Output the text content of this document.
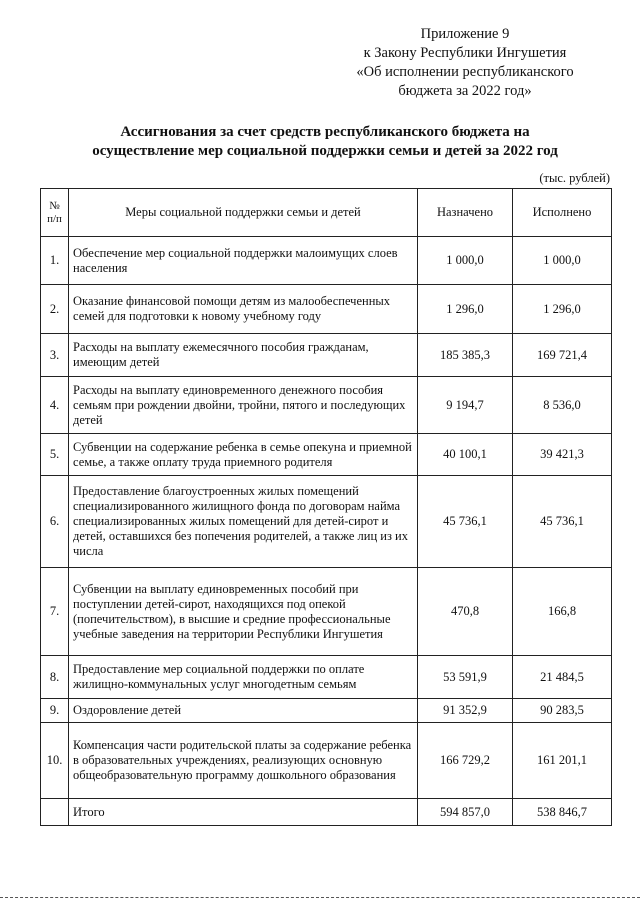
Приложение 9
к Закону Республики Ингушетия
«Об исполнении республиканского
бюджета за 2022 год»
Ассигнования за счет средств республиканского бюджета на
осуществление мер социальной поддержки семьи и детей за 2022 год
(тыс. рублей)
№
п/п	Меры социальной поддержки семьи и детей	Назначено	Исполнено
1.	Обеспечение мер социальной поддержки малоимущих слоев населения	1 000,0	1 000,0
2.	Оказание финансовой помощи детям из малообеспеченных семей для подготовки к новому учебному году	1 296,0	1 296,0
3.	Расходы на выплату ежемесячного пособия гражданам, имеющим детей	185 385,3	169 721,4
4.	Расходы на выплату единовременного денежного пособия семьям при рождении двойни, тройни, пятого и последующих детей	9 194,7	8 536,0
5.	Субвенции на содержание ребенка в семье опекуна и приемной семье, а также оплату труда приемного родителя	40 100,1	39 421,3
6.	Предоставление благоустроенных жилых помещений специализированного жилищного фонда по договорам найма специализированных жилых помещений для детей-сирот и детей, оставшихся без попечения родителей, а также лиц из их числа	45 736,1	45 736,1
7.	Субвенции на выплату единовременных пособий при поступлении детей-сирот, находящихся под опекой (попечительством), в высшие и средние профессиональные учебные заведения на территории Республики Ингушетия	470,8	166,8
8.	Предоставление мер социальной поддержки по оплате жилищно-коммунальных услуг многодетным семьям	53 591,9	21 484,5
9.	Оздоровление детей	91 352,9	90 283,5
10.	Компенсация части родительской платы за содержание ребенка в образовательных учреждениях, реализующих основную общеобразовательную программу дошкольного образования	166 729,2	161 201,1
	Итого	594 857,0	538 846,7
